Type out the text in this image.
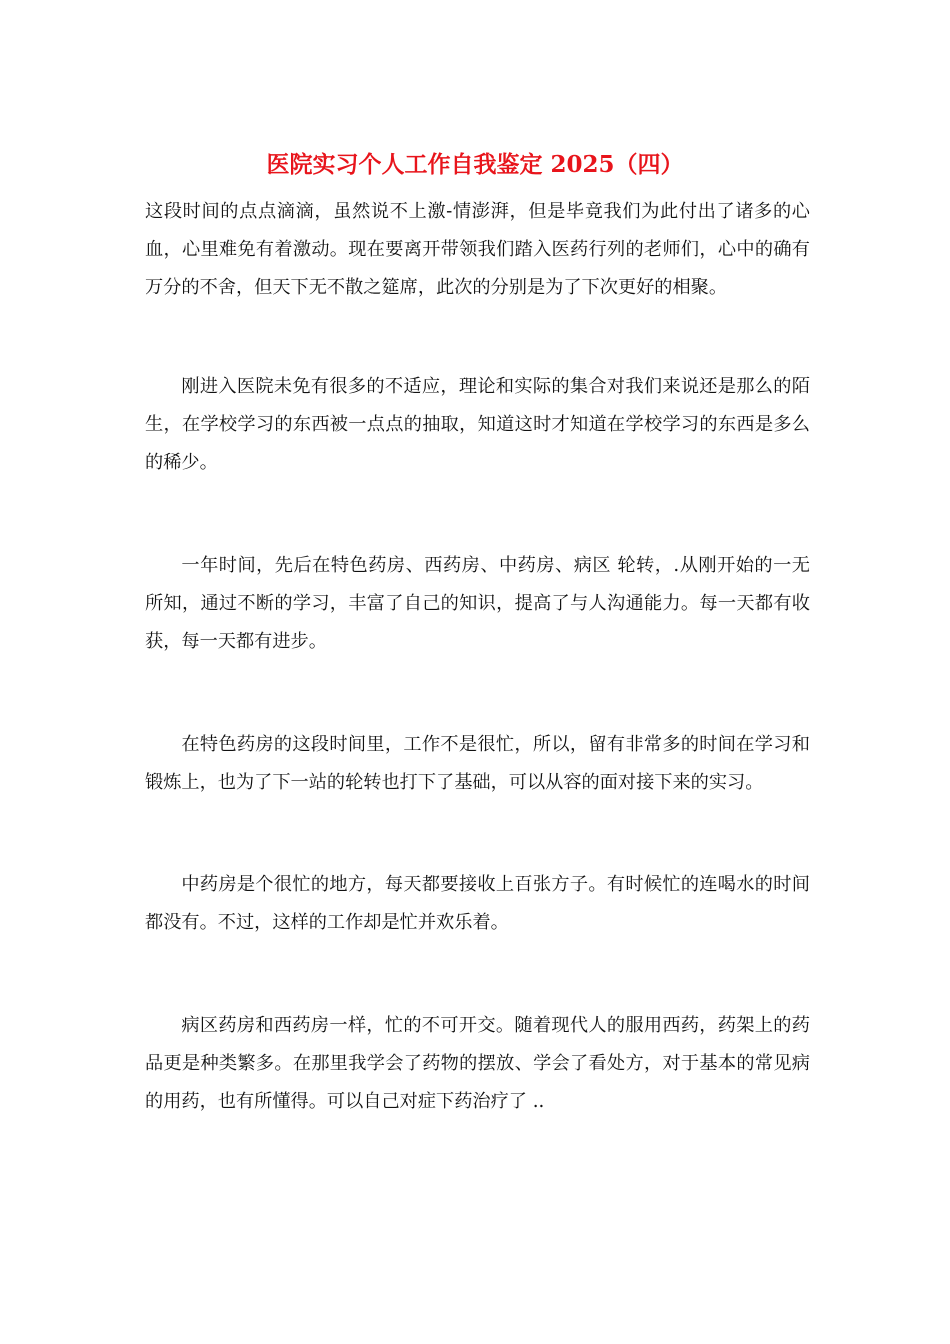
医院实习个人工作自我鉴定 2025（四）

这段时间的点点滴滴，虽然说不上激-情澎湃，但是毕竟我们为此付出了诸多的心血，心里难免有着激动。现在要离开带领我们踏入医药行列的老师们，心中的确有万分的不舍，但天下无不散之筵席，此次的分别是为了下次更好的相聚。

刚进入医院未免有很多的不适应，理论和实际的集合对我们来说还是那么的陌生，在学校学习的东西被一点点的抽取，知道这时才知道在学校学习的东西是多么的稀少。

一年时间，先后在特色药房、西药房、中药房、病区 轮转，.从刚开始的一无所知，通过不断的学习，丰富了自己的知识，提高了与人沟通能力。每一天都有收获，每一天都有进步。

在特色药房的这段时间里，工作不是很忙，所以，留有非常多的时间在学习和锻炼上，也为了下一站的轮转也打下了基础，可以从容的面对接下来的实习。

中药房是个很忙的地方，每天都要接收上百张方子。有时候忙的连喝水的时间都没有。不过，这样的工作却是忙并欢乐着。

病区药房和西药房一样，忙的不可开交。随着现代人的服用西药，药架上的药品更是种类繁多。在那里我学会了药物的摆放、学会了看处方，对于基本的常见病的用药，也有所懂得。可以自己对症下药治疗了 ..
